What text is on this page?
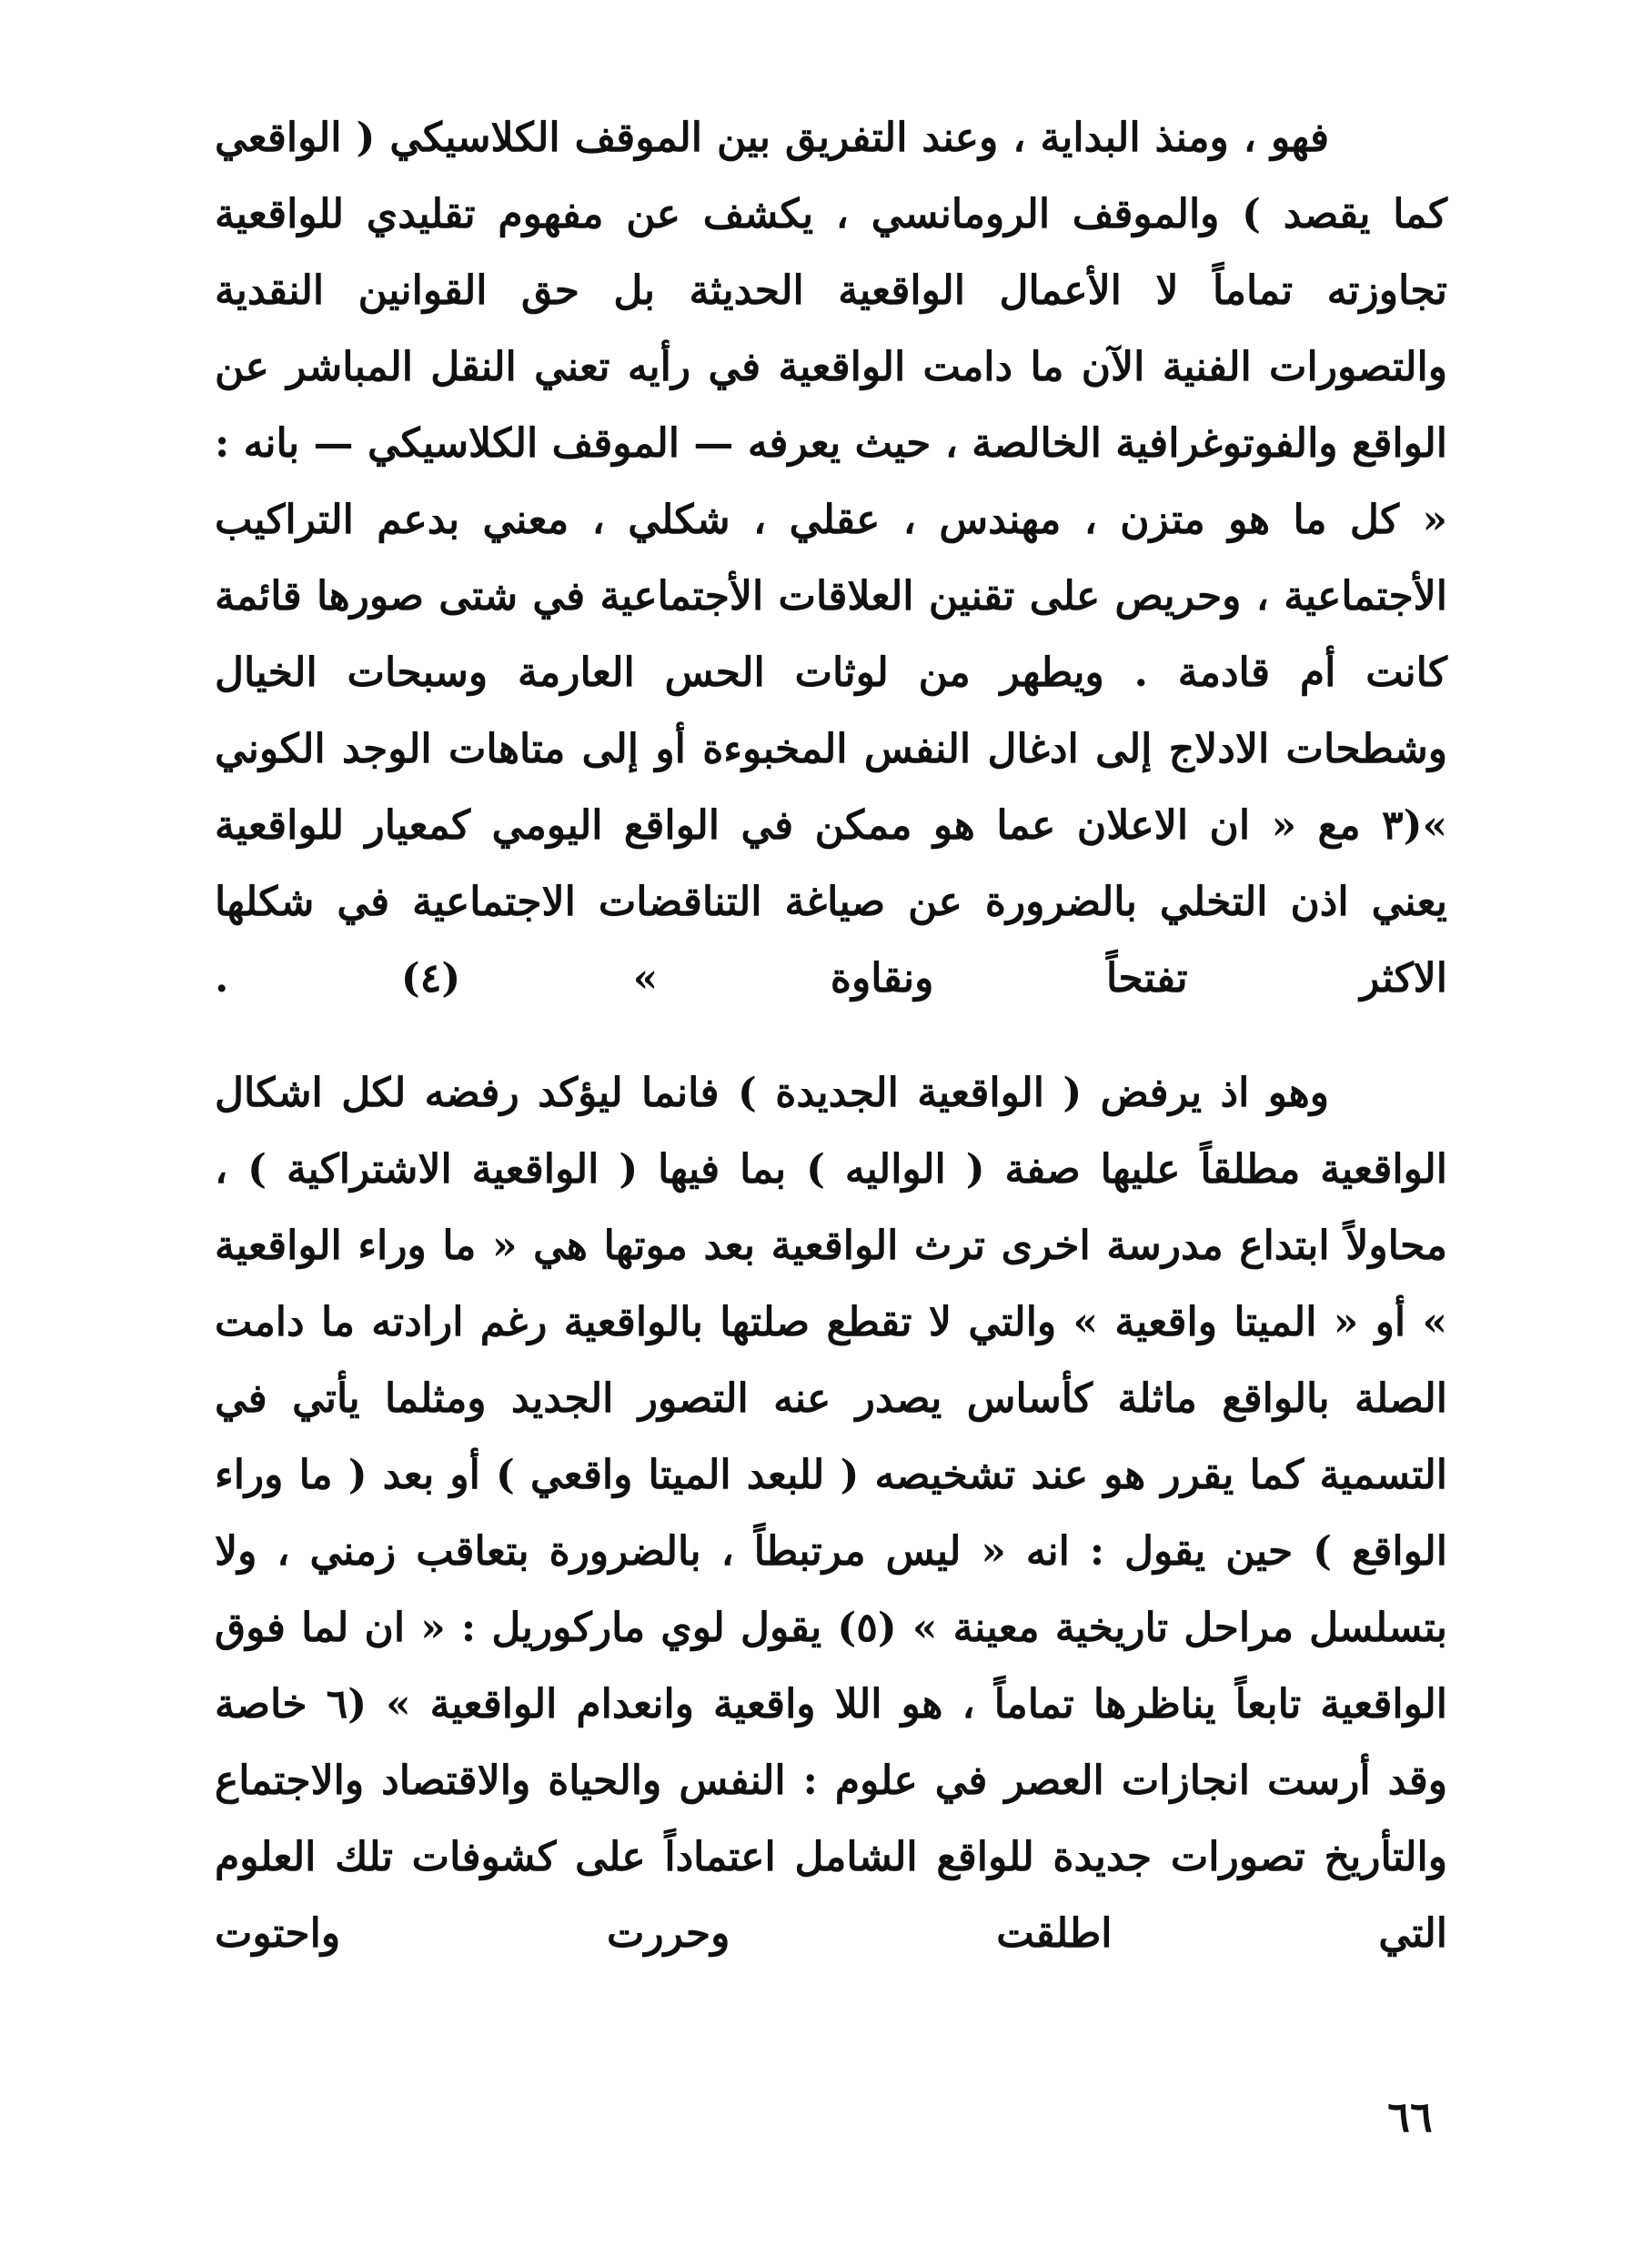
فهو ، ومنذ البداية ، وعند التفريق بين الموقف الكلاسيكي ( الواقعي كما يقصد ) والموقف الرومانسي ، يكشف عن مفهوم تقليدي للواقعية تجاوزته تماماً لا الأعمال الواقعية الحديثة بل حق القوانين النقدية والتصورات الفنية الآن ما دامت الواقعية في رأيه تعني النقل المباشر عن الواقع والفوتوغرافية الخالصة ، حيث يعرفه — الموقف الكلاسيكي — بانه : « كل ما هو متزن ، مهندس ، عقلي ، شكلي ، معني بدعم التراكيب الأجتماعية ، وحريص على تقنين العلاقات الأجتماعية في شتى صورها قائمة كانت أم قادمة . ويطهر من لوثات الحس العارمة وسبحات الخيال وشطحات الادلاج إلى ادغال النفس المخبوءة أو إلى متاهات الوجد الكوني »(٣ مع « ان الاعلان عما هو ممكن في الواقع اليومي كمعيار للواقعية يعني اذن التخلي بالضرورة عن صياغة التناقضات الاجتماعية في شكلها الاكثر تفتحاً ونقاوة » (٤) .

وهو اذ يرفض ( الواقعية الجديدة ) فانما ليؤكد رفضه لكل اشكال الواقعية مطلقاً عليها صفة ( الواليه ) بما فيها ( الواقعية الاشتراكية ) ، محاولاً ابتداع مدرسة اخرى ترث الواقعية بعد موتها هي « ما وراء الواقعية » أو « الميتا واقعية » والتي لا تقطع صلتها بالواقعية رغم ارادته ما دامت الصلة بالواقع ماثلة كأساس يصدر عنه التصور الجديد ومثلما يأتي في التسمية كما يقرر هو عند تشخيصه ( للبعد الميتا واقعي ) أو بعد ( ما وراء الواقع ) حين يقول : انه « ليس مرتبطاً ، بالضرورة بتعاقب زمني ، ولا بتسلسل مراحل تاريخية معينة » (٥) يقول لوي ماركوريل : « ان لما فوق الواقعية تابعاً يناظرها تماماً ، هو اللا واقعية وانعدام الواقعية » (٦ خاصة وقد أرست انجازات العصر في علوم : النفس والحياة والاقتصاد والاجتماع والتأريخ تصورات جديدة للواقع الشامل اعتماداً على كشوفات تلك العلوم التي اطلقت وحررت واحتوت

٦٦
